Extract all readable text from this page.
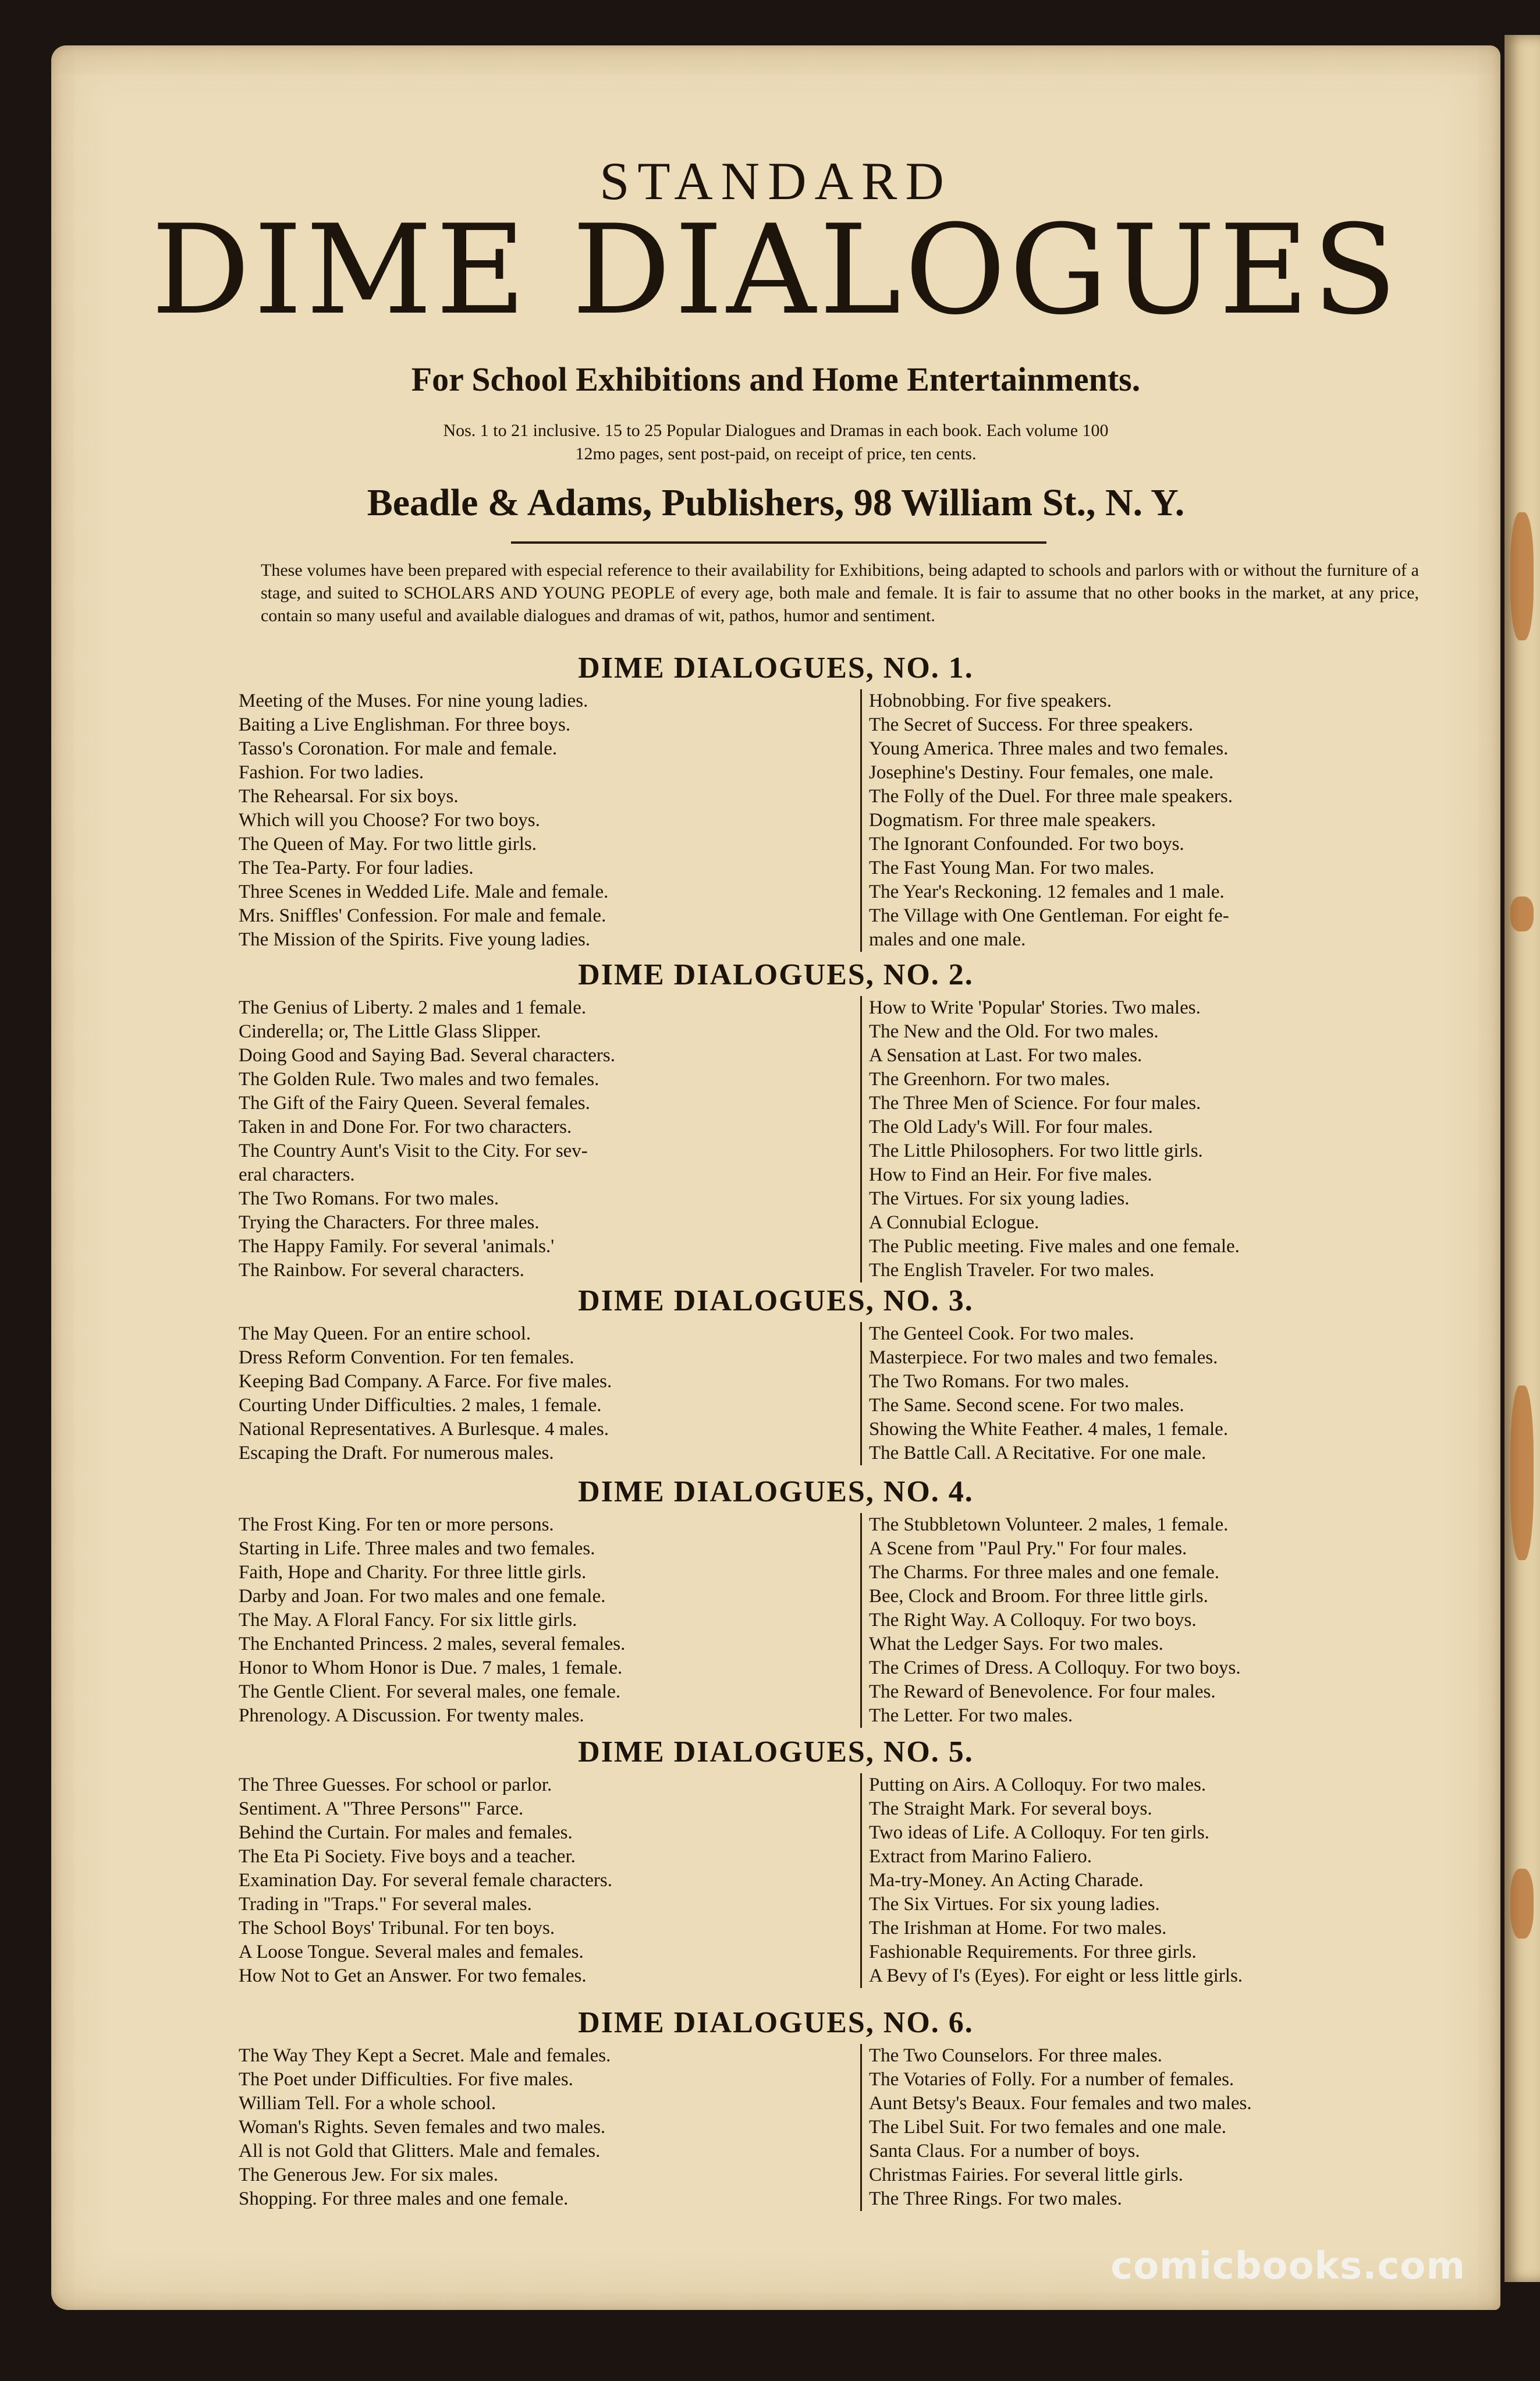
STANDARD
DIME DIALOGUES
For School Exhibitions and Home Entertainments.
Nos. 1 to 21 inclusive. 15 to 25 Popular Dialogues and Dramas in each book. Each volume 100
12mo pages, sent post-paid, on receipt of price, ten cents.
Beadle & Adams, Publishers, 98 William St., N. Y.
These volumes have been prepared with especial reference to their availability for Exhibitions, being adapted to schools and parlors with or without the furniture of a stage, and suited to SCHOLARS AND YOUNG PEOPLE of every age, both male and female. It is fair to assume that no other books in the market, at any price, contain so many useful and available dialogues and dramas of wit, pathos, humor and sentiment.
DIME DIALOGUES, NO. 1.
Meeting of the Muses. For nine young ladies.
Baiting a Live Englishman. For three boys.
Tasso's Coronation. For male and female.
Fashion. For two ladies.
The Rehearsal. For six boys.
Which will you Choose? For two boys.
The Queen of May. For two little girls.
The Tea-Party. For four ladies.
Three Scenes in Wedded Life. Male and female.
Mrs. Sniffles' Confession. For male and female.
The Mission of the Spirits. Five young ladies.
Hobnobbing. For five speakers.
The Secret of Success. For three speakers.
Young America. Three males and two females.
Josephine's Destiny. Four females, one male.
The Folly of the Duel. For three male speakers.
Dogmatism. For three male speakers.
The Ignorant Confounded. For two boys.
The Fast Young Man. For two males.
The Year's Reckoning. 12 females and 1 male.
The Village with One Gentleman. For eight fe-
males and one male.
DIME DIALOGUES, NO. 2.
The Genius of Liberty. 2 males and 1 female.
Cinderella; or, The Little Glass Slipper.
Doing Good and Saying Bad. Several characters.
The Golden Rule. Two males and two females.
The Gift of the Fairy Queen. Several females.
Taken in and Done For. For two characters.
The Country Aunt's Visit to the City. For sev-
eral characters.
The Two Romans. For two males.
Trying the Characters. For three males.
The Happy Family. For several 'animals.'
The Rainbow. For several characters.
How to Write 'Popular' Stories. Two males.
The New and the Old. For two males.
A Sensation at Last. For two males.
The Greenhorn. For two males.
The Three Men of Science. For four males.
The Old Lady's Will. For four males.
The Little Philosophers. For two little girls.
How to Find an Heir. For five males.
The Virtues. For six young ladies.
A Connubial Eclogue.
The Public meeting. Five males and one female.
The English Traveler. For two males.
DIME DIALOGUES, NO. 3.
The May Queen. For an entire school.
Dress Reform Convention. For ten females.
Keeping Bad Company. A Farce. For five males.
Courting Under Difficulties. 2 males, 1 female.
National Representatives. A Burlesque. 4 males.
Escaping the Draft. For numerous males.
The Genteel Cook. For two males.
Masterpiece. For two males and two females.
The Two Romans. For two males.
The Same. Second scene. For two males.
Showing the White Feather. 4 males, 1 female.
The Battle Call. A Recitative. For one male.
DIME DIALOGUES, NO. 4.
The Frost King. For ten or more persons.
Starting in Life. Three males and two females.
Faith, Hope and Charity. For three little girls.
Darby and Joan. For two males and one female.
The May. A Floral Fancy. For six little girls.
The Enchanted Princess. 2 males, several females.
Honor to Whom Honor is Due. 7 males, 1 female.
The Gentle Client. For several males, one female.
Phrenology. A Discussion. For twenty males.
The Stubbletown Volunteer. 2 males, 1 female.
A Scene from "Paul Pry." For four males.
The Charms. For three males and one female.
Bee, Clock and Broom. For three little girls.
The Right Way. A Colloquy. For two boys.
What the Ledger Says. For two males.
The Crimes of Dress. A Colloquy. For two boys.
The Reward of Benevolence. For four males.
The Letter. For two males.
DIME DIALOGUES, NO. 5.
The Three Guesses. For school or parlor.
Sentiment. A "Three Persons'" Farce.
Behind the Curtain. For males and females.
The Eta Pi Society. Five boys and a teacher.
Examination Day. For several female characters.
Trading in "Traps." For several males.
The School Boys' Tribunal. For ten boys.
A Loose Tongue. Several males and females.
How Not to Get an Answer. For two females.
Putting on Airs. A Colloquy. For two males.
The Straight Mark. For several boys.
Two ideas of Life. A Colloquy. For ten girls.
Extract from Marino Faliero.
Ma-try-Money. An Acting Charade.
The Six Virtues. For six young ladies.
The Irishman at Home. For two males.
Fashionable Requirements. For three girls.
A Bevy of I's (Eyes). For eight or less little girls.
DIME DIALOGUES, NO. 6.
The Way They Kept a Secret. Male and females.
The Poet under Difficulties. For five males.
William Tell. For a whole school.
Woman's Rights. Seven females and two males.
All is not Gold that Glitters. Male and females.
The Generous Jew. For six males.
Shopping. For three males and one female.
The Two Counselors. For three males.
The Votaries of Folly. For a number of females.
Aunt Betsy's Beaux. Four females and two males.
The Libel Suit. For two females and one male.
Santa Claus. For a number of boys.
Christmas Fairies. For several little girls.
The Three Rings. For two males.
comicbooks.com
